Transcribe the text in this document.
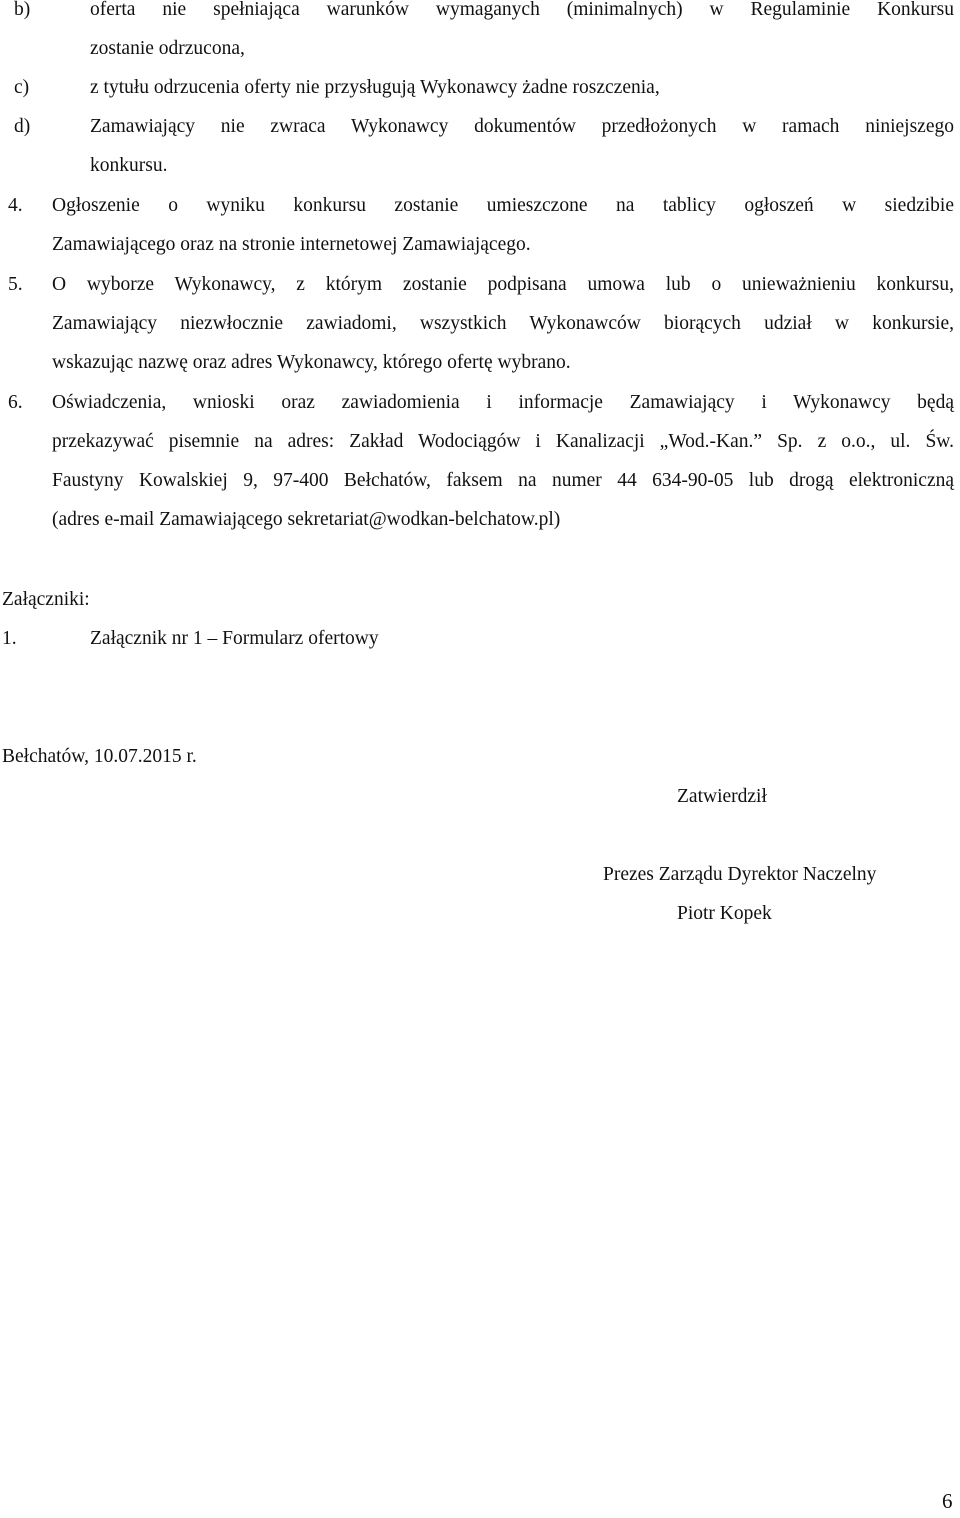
b)	oferta nie spełniająca warunków wymaganych (minimalnych) w Regulaminie Konkursu
zostanie odrzucona,
c)	z tytułu odrzucenia oferty nie przysługują Wykonawcy żadne roszczenia,
d)	Zamawiający nie zwraca Wykonawcy dokumentów przedłożonych w ramach niniejszego
konkursu.
4. Ogłoszenie o wyniku konkursu zostanie umieszczone na tablicy ogłoszeń w siedzibie
Zamawiającego oraz na stronie internetowej Zamawiającego.
5. O wyborze Wykonawcy, z którym zostanie podpisana umowa lub o unieważnieniu konkursu,
Zamawiający niezwłocznie zawiadomi, wszystkich Wykonawców biorących udział w konkursie,
wskazując nazwę oraz adres Wykonawcy, którego ofertę wybrano.
6. Oświadczenia, wnioski oraz zawiadomienia i informacje Zamawiający i Wykonawcy będą
przekazywać pisemnie na adres: Zakład Wodociągów i Kanalizacji „Wod.-Kan.” Sp. z o.o., ul. Św.
Faustyny Kowalskiej 9, 97-400 Bełchatów, faksem na numer 44 634-90-05 lub drogą elektroniczną
(adres e-mail Zamawiającego sekretariat@wodkan-belchatow.pl)
Załączniki:
1.	Załącznik nr 1 – Formularz ofertowy
Bełchatów, 10.07.2015 r.
Zatwierdził
Prezes Zarządu Dyrektor Naczelny
Piotr Kopek
6
